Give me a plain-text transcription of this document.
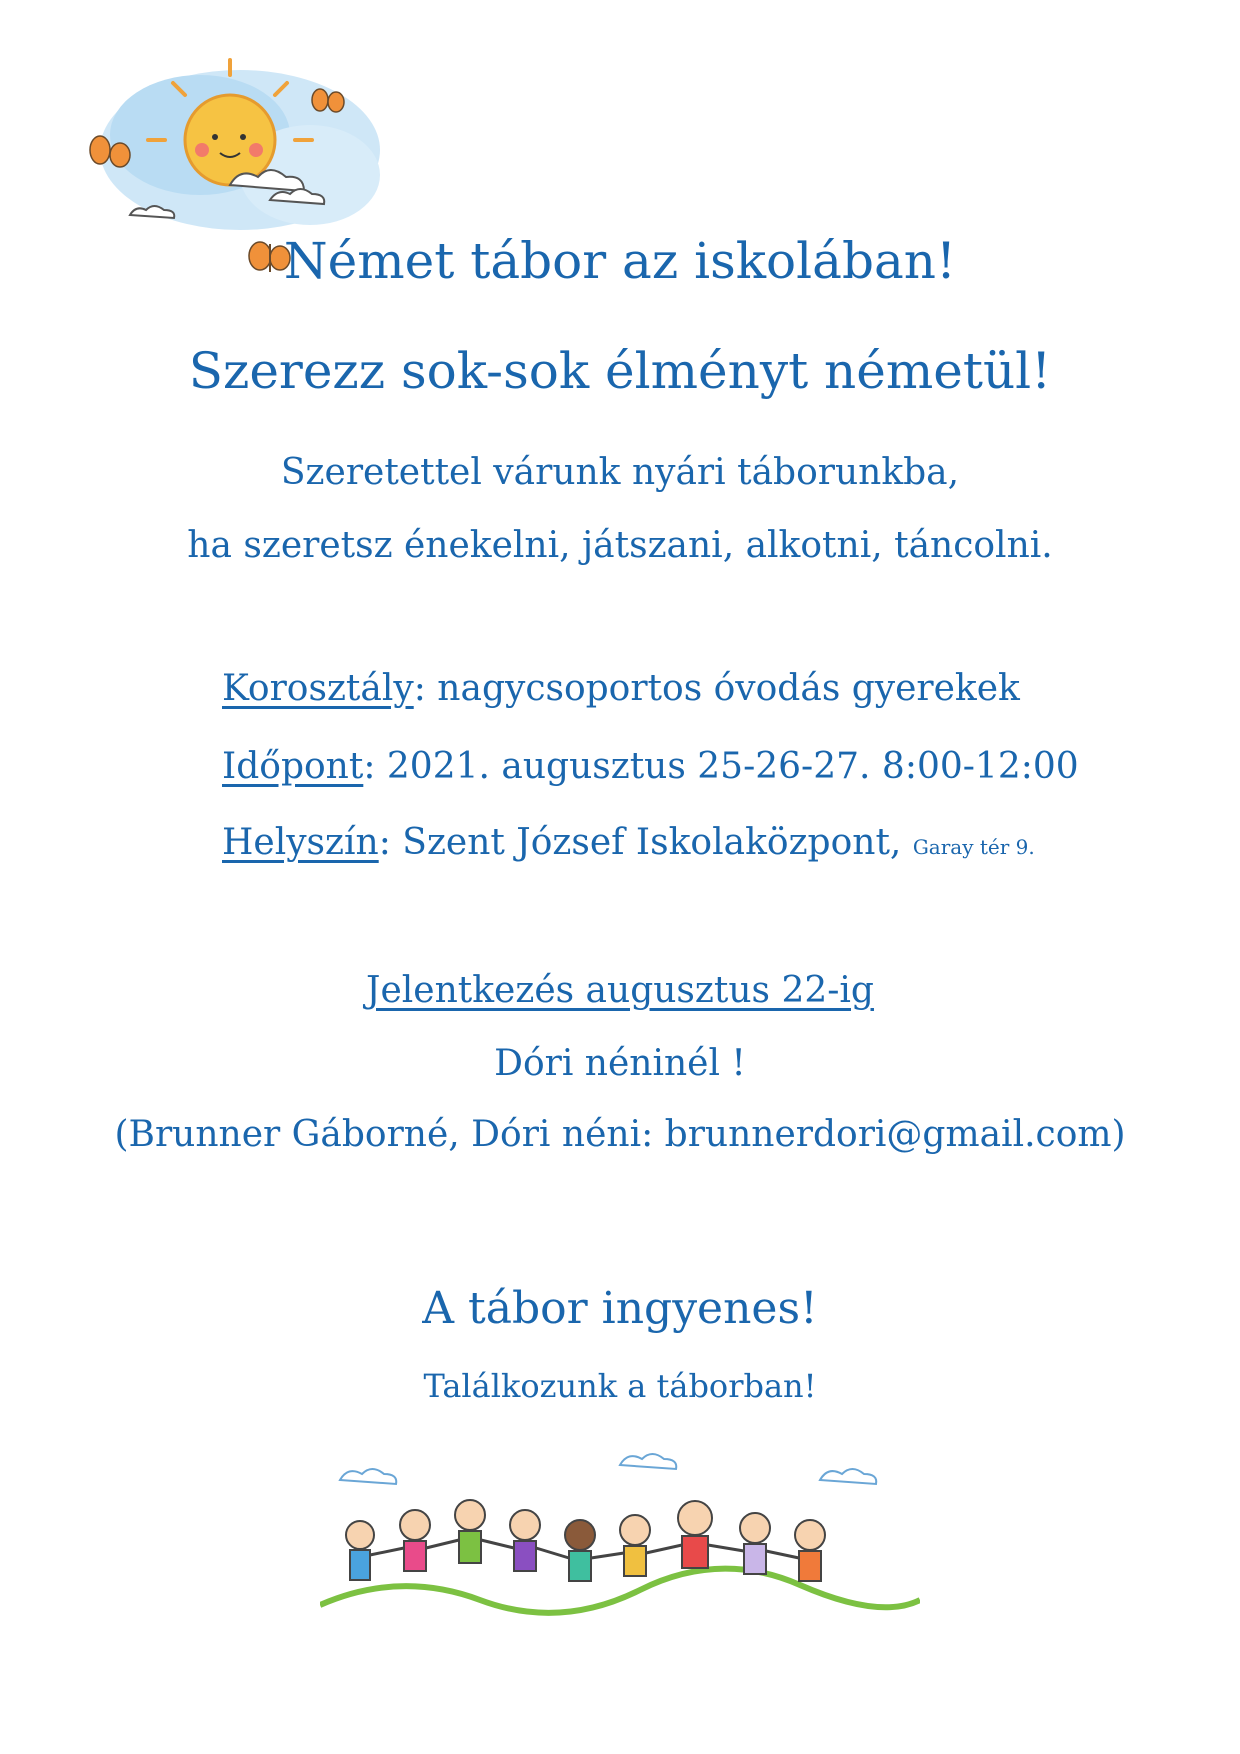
Német tábor az iskolában!
Szerezz sok-sok élményt németül!
Szeretettel várunk nyári táborunkba,
ha szeretsz énekelni, játszani, alkotni, táncolni.
Korosztály: nagycsoportos óvodás gyerekek
Időpont: 2021. augusztus 25-26-27. 8:00-12:00
Helyszín: Szent József Iskolaközpont, Garay tér 9.
Jelentkezés augusztus 22-ig
Dóri néninél !
(Brunner Gáborné, Dóri néni: brunnerdori@gmail.com)
A tábor ingyenes!
Találkozunk a táborban!
